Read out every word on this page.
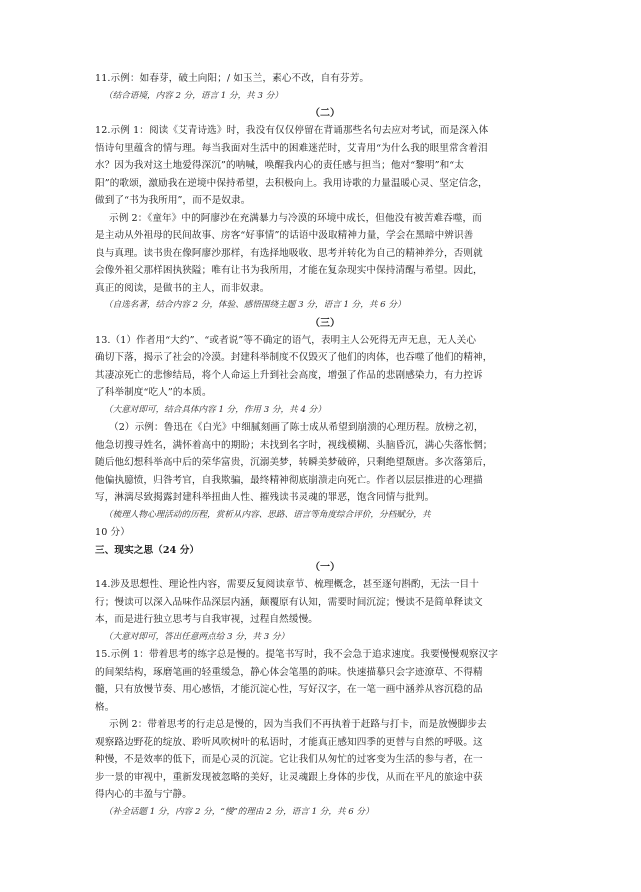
11.示例：如春芽，破土向阳；/ 如玉兰，素心不改，自有芬芳。
（结合语境，内容 2 分，语言 1 分，共 3 分）
（二）
12.示例 1：阅读《艾青诗选》时，我没有仅仅停留在背诵那些名句去应对考试，而是深入体
悟诗句里蕴含的情与理。每当我面对生活中的困难迷茫时，艾青用“为什么我的眼里常含着泪
水？因为我对这土地爱得深沉”的呐喊，唤醒我内心的责任感与担当；他对“黎明”和“太
阳”的歌颂，激励我在逆境中保持希望，去积极向上。我用诗歌的力量温暖心灵、坚定信念，
做到了“书为我所用”，而不是奴隶。
示例 2：《童年》中的阿廖沙在充满暴力与冷漠的环境中成长，但他没有被苦难吞噬，而
是主动从外祖母的民间故事、房客“好事情”的话语中汲取精神力量，学会在黑暗中辨识善
良与真理。读书贵在像阿廖沙那样，有选择地吸收、思考并转化为自己的精神养分，否则就
会像外祖父那样困执狭隘；唯有让书为我所用，才能在复杂现实中保持清醒与希望。因此，
真正的阅读，是做书的主人，而非奴隶。
（自选名著，结合内容 2 分，体验、感悟围绕主题 3 分，语言 1 分，共 6 分）
（三）
13.（1）作者用“大约”、“或者说”等不确定的语气，表明主人公死得无声无息，无人关心
确切下落，揭示了社会的冷漠。封建科举制度不仅毁灭了他们的肉体，也吞噬了他们的精神，
其凄凉死亡的悲惨结局，将个人命运上升到社会高度，增强了作品的悲剧感染力，有力控诉
了科举制度“吃人”的本质。
（大意对即可，结合具体内容 1 分，作用 3 分，共 4 分）
（2）示例：鲁迅在《白光》中细腻刻画了陈士成从希望到崩溃的心理历程。放榜之初，
他急切搜寻姓名，满怀着高中的期盼；未找到名字时，视线模糊、头脑昏沉，满心失落怅惘；
随后他幻想科举高中后的荣华富贵，沉溺美梦，转瞬美梦破碎，只剩绝望颓唐。多次落第后，
他偏执臆愤，归咎考官，自我欺骗，最终精神彻底崩溃走向死亡。作者以层层推进的心理描
写，淋漓尽致揭露封建科举扭曲人性、摧残读书灵魂的罪恶，饱含同情与批判。
（梳理人物心理活动的历程，赏析从内容、思路、语言等角度综合评价，分档赋分，共
10 分）
三、现实之思（24 分）
（一）
14.涉及思想性、理论性内容，需要反复阅读章节、梳理概念，甚至逐句斟酌，无法一目十
行；慢读可以深入品味作品深层内涵，颠覆原有认知，需要时间沉淀；慢读不是简单释读文
本，而是进行独立思考与自我审视，过程自然缓慢。
（大意对即可，答出任意两点给 3 分，共 3 分）
15.示例 1：带着思考的练字总是慢的。提笔书写时，我不会急于追求速度。我要慢慢观察汉字
的间架结构，琢磨笔画的轻重缓急，静心体会笔墨的韵味。快速描摹只会字迹潦草、不得精
髓，只有放慢节奏、用心感悟，才能沉淀心性，写好汉字，在一笔一画中涵养从容沉稳的品
格。
示例 2：带着思考的行走总是慢的，因为当我们不再执着于赶路与打卡，而是放慢脚步去
观察路边野花的绽放、聆听风吹树叶的私语时，才能真正感知四季的更替与自然的呼吸。这
种慢，不是效率的低下，而是心灵的沉淀。它让我们从匆忙的过客变为生活的参与者，在一
步一景的审视中，重新发现被忽略的美好，让灵魂跟上身体的步伐，从而在平凡的旅途中获
得内心的丰盈与宁静。
（补全话题 1 分，内容 2 分，“慢”的理由 2 分，语言 1 分，共 6 分）
